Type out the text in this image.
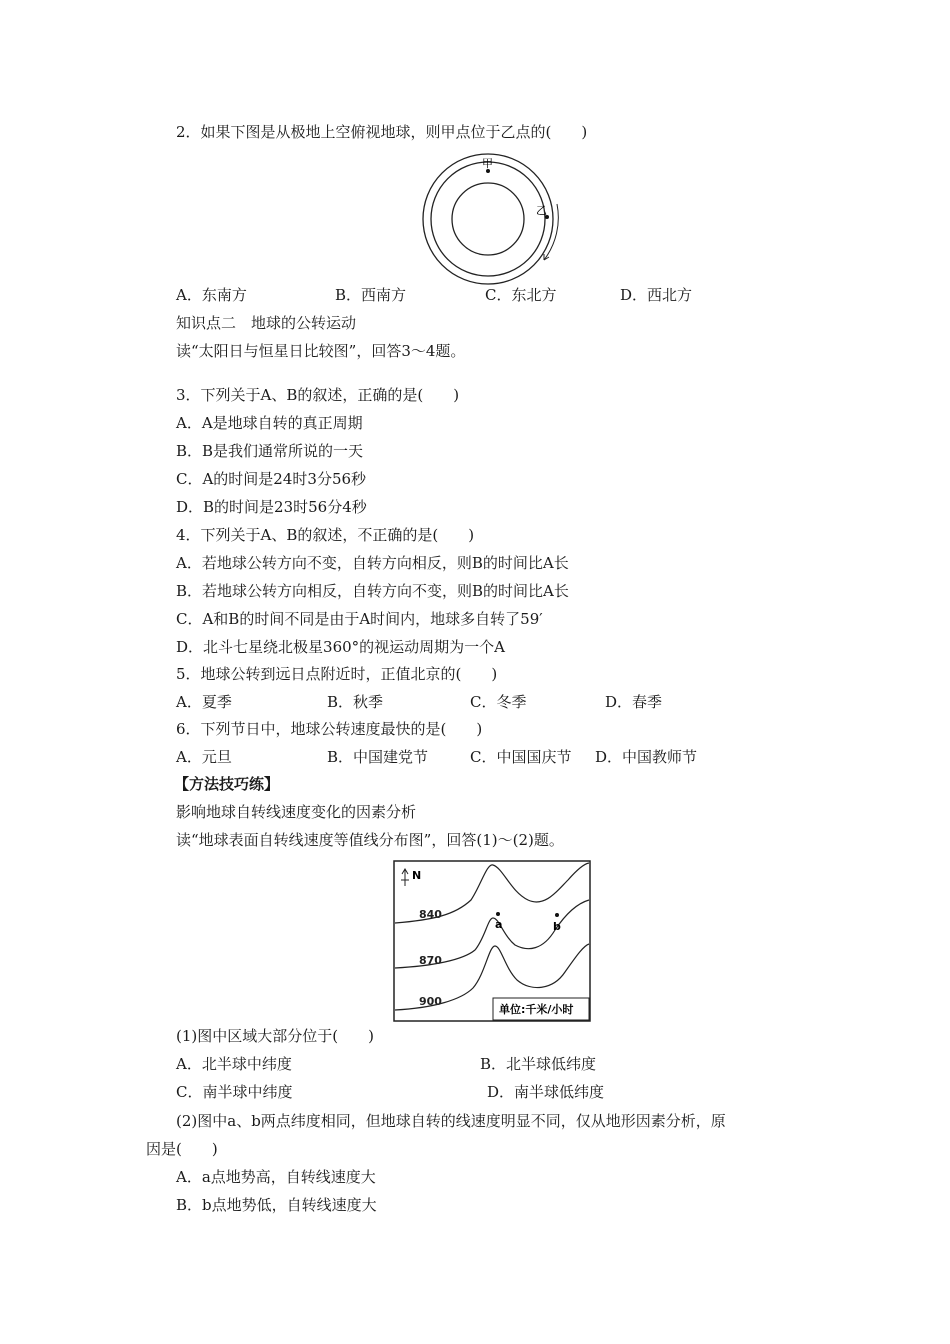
2．如果下图是从极地上空俯视地球，则甲点位于乙点的(　　)
甲
乙
A．东南方	B．西南方	C．东北方	D．西北方
知识点二　地球的公转运动
读“太阳日与恒星日比较图”，回答3～4题。
3．下列关于A、B的叙述，正确的是(　　)
A．A是地球自转的真正周期
B．B是我们通常所说的一天
C．A的时间是24时3分56秒
D．B的时间是23时56分4秒
4．下列关于A、B的叙述，不正确的是(　　)
A．若地球公转方向不变，自转方向相反，则B的时间比A长
B．若地球公转方向相反，自转方向不变，则B的时间比A长
C．A和B的时间不同是由于A时间内，地球多自转了59′
D．北斗七星绕北极星360°的视运动周期为一个A
5．地球公转到远日点附近时，正值北京的(　　)
A．夏季	B．秋季	C．冬季	D．春季
6．下列节日中，地球公转速度最快的是(　　)
A．元旦	B．中国建党节	C．中国国庆节 D．中国教师节
【方法技巧练】
影响地球自转线速度变化的因素分析
读“地球表面自转线速度等值线分布图”，回答(1)～(2)题。
N
840
870
900
a	b
单位:千米/小时
(1)图中区域大部分位于(　　)
A．北半球中纬度	B．北半球低纬度
C．南半球中纬度	D．南半球低纬度
(2)图中a、b两点纬度相同，但地球自转的线速度明显不同，仅从地形因素分析，原
因是(　　)
A．a点地势高，自转线速度大
B．b点地势低，自转线速度大
